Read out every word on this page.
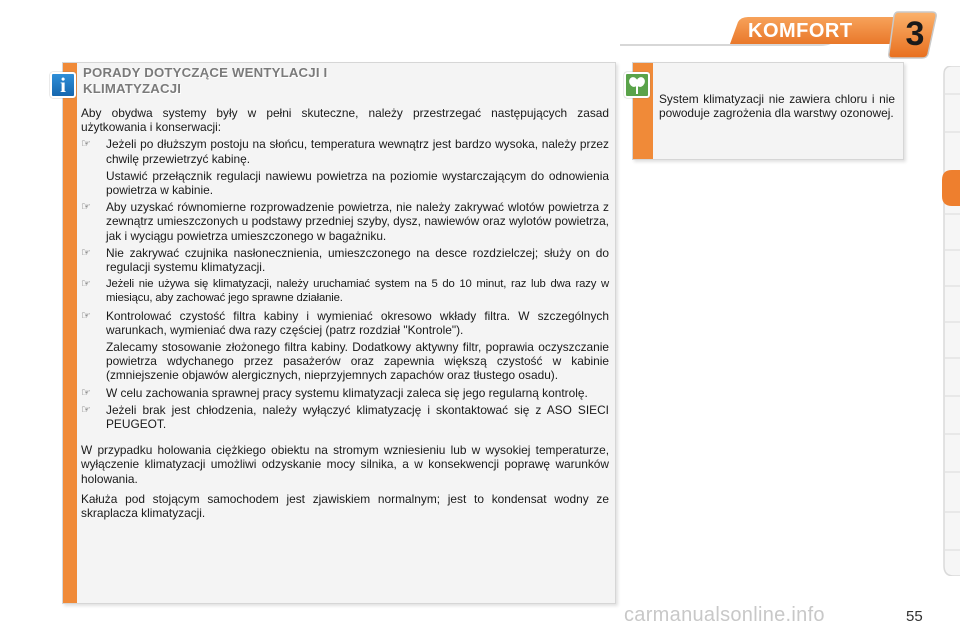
KOMFORT 3
i
PORADY DOTYCZĄCE WENTYLACJI I
KLIMATYZACJI

Aby obydwa systemy były w pełni skuteczne, należy przestrzegać następujących zasad użytkowania i konserwacji:

☞ Jeżeli po dłuższym postoju na słońcu, temperatura wewnątrz jest bardzo wysoka, należy przez chwilę przewietrzyć kabinę.

Ustawić przełącznik regulacji nawiewu powietrza na poziomie wystarczającym do odnowienia powietrza w kabinie.

☞ Aby uzyskać równomierne rozprowadzenie powietrza, nie należy zakrywać wlotów powietrza z zewnątrz umieszczonych u podstawy przedniej szyby, dysz, nawiewów oraz wylotów powietrza, jak i wyciągu powietrza umieszczonego w bagażniku.

☞ Nie zakrywać czujnika nasłonecznienia, umieszczonego na desce rozdzielczej; służy on do regulacji systemu klimatyzacji.

☞ Jeżeli nie używa się klimatyzacji, należy uruchamiać system na 5 do 10 minut, raz lub dwa razy w miesiącu, aby zachować jego sprawne działanie.

☞ Kontrolować czystość filtra kabiny i wymieniać okresowo wkłady filtra. W szczególnych warunkach, wymieniać dwa razy częściej (patrz rozdział "Kontrole").

Zalecamy stosowanie złożonego filtra kabiny. Dodatkowy aktywny filtr, poprawia oczyszczanie powietrza wdychanego przez pasażerów oraz zapewnia większą czystość w kabinie (zmniejszenie objawów alergicznych, nieprzyjemnych zapachów oraz tłustego osadu).

☞ W celu zachowania sprawnej pracy systemu klimatyzacji zaleca się jego regularną kontrolę.

☞ Jeżeli brak jest chłodzenia, należy wyłączyć klimatyzację i skontaktować się z ASO SIECI PEUGEOT.

W przypadku holowania ciężkiego obiektu na stromym wzniesieniu lub w wysokiej temperaturze, wyłączenie klimatyzacji umożliwi odzyskanie mocy silnika, a w konsekwencji poprawę warunków holowania.

Kałuża pod stojącym samochodem jest zjawiskiem normalnym; jest to kondensat wodny ze skraplacza klimatyzacji.

System klimatyzacji nie zawiera chloru i nie powoduje zagrożenia dla warstwy ozonowej.

carmanualsonline.info	55
